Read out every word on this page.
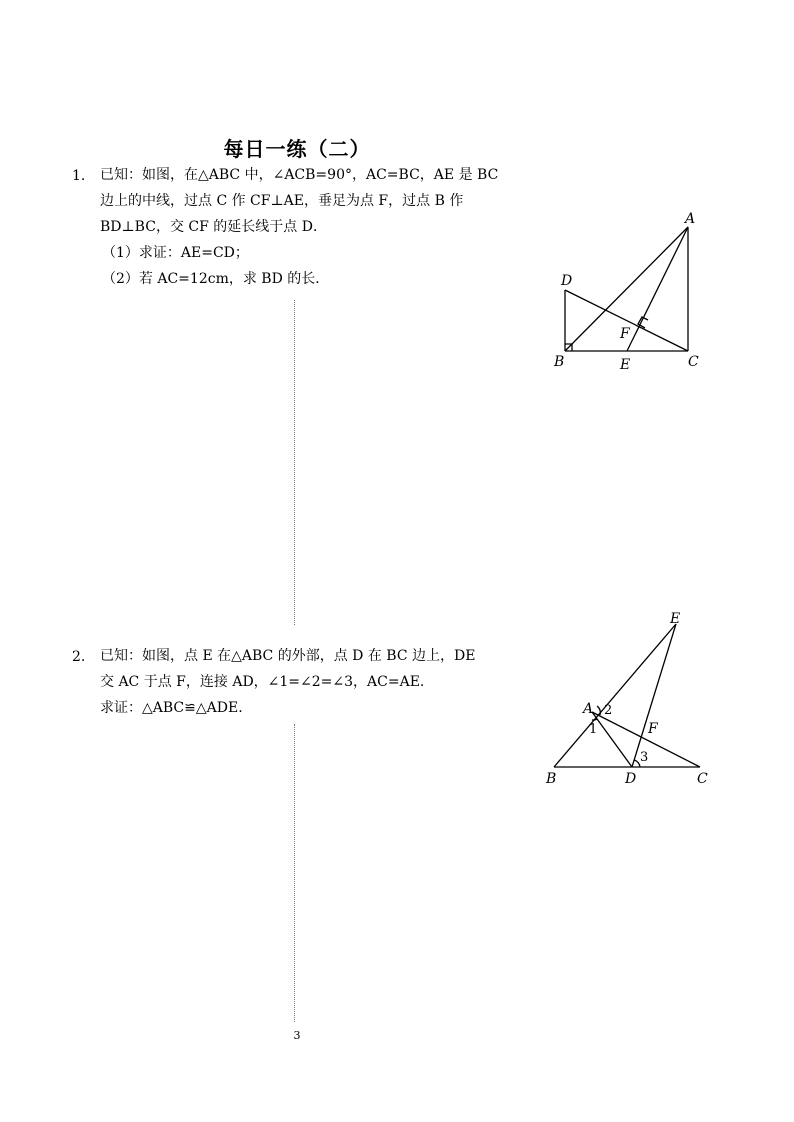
每日一练（二）
1. 已知：如图，在△ABC 中，∠ACB=90°，AC=BC，AE 是 BC
边上的中线，过点 C 作 CF⊥AE，垂足为点 F，过点 B 作
BD⊥BC，交 CF 的延长线于点 D．
（1）求证：AE=CD；
（2）若 AC=12cm，求 BD 的长．
A
B	C
D
E
F
2. 已知：如图，点 E 在△ABC 的外部，点 D 在 BC 边上，DE
交 AC 于点 F，连接 AD，∠1=∠2=∠3，AC=AE.
求证：△ABC≌△ADE.
E
A
B	D	C
F
1
2
3
3
